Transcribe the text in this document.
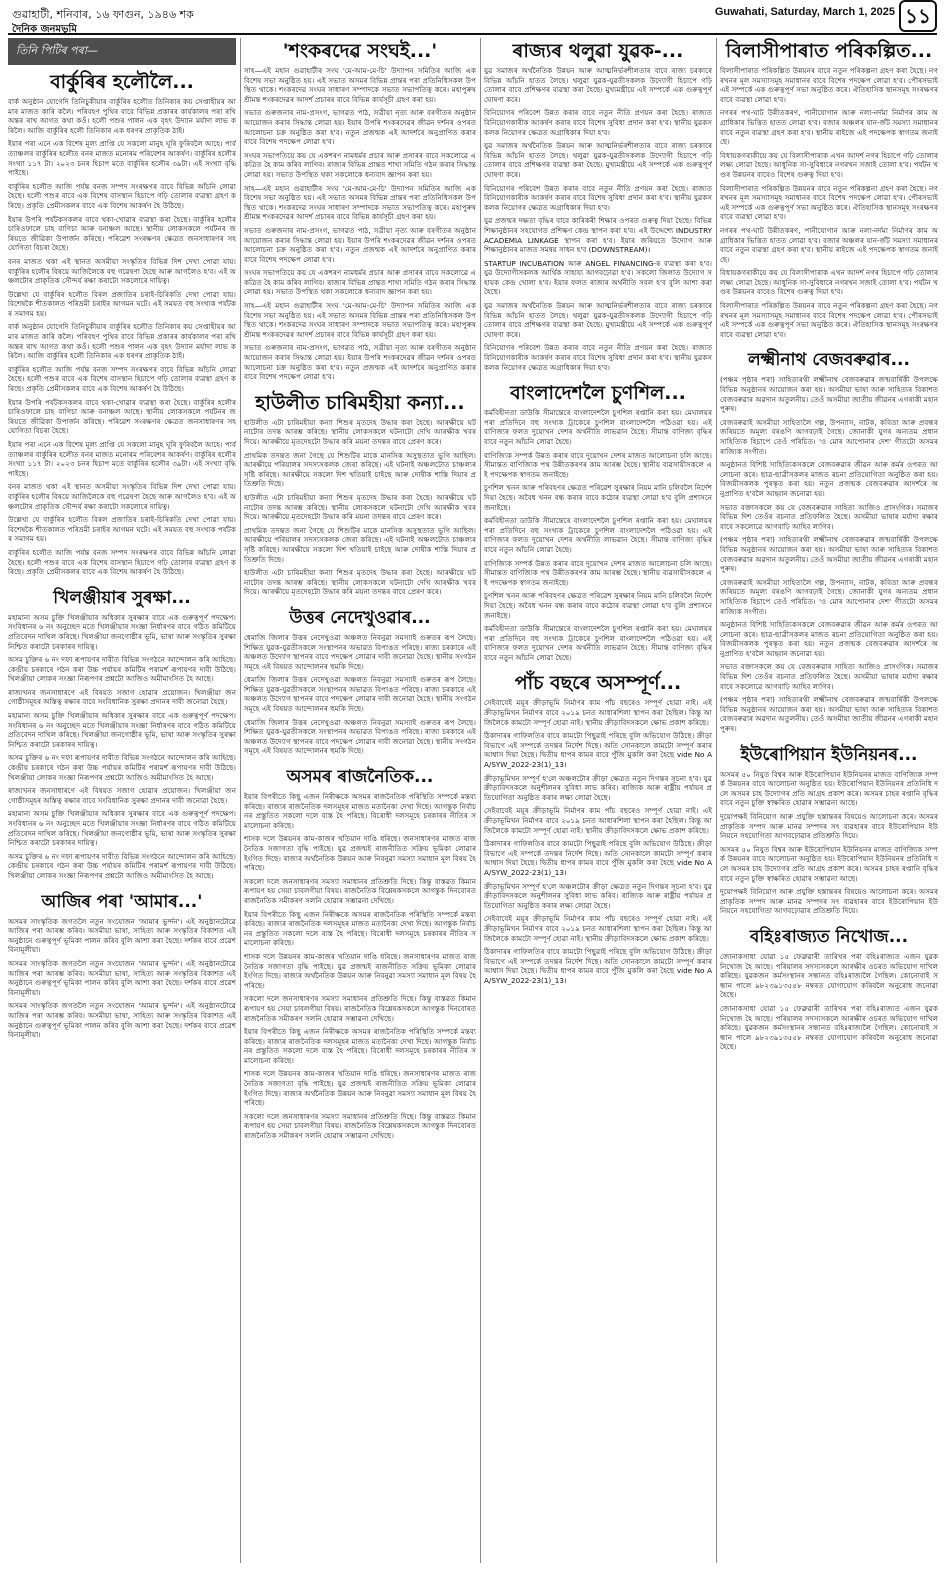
গুৱাহাটী, শনিবাৰ, ১৬ ফাগুন, ১৯৪৬ শক
দৈনিক জনমভূমি
Guwahati, Saturday, March 1, 2025 ১১
তিনি পিটিৰ পৰা—
বাৰ্কুৰিৰ হলৌলৈ...

বাৰ্ক অনুষ্ঠান যোগেদি তিনিচুকীয়াৰ বাৰ্কুৰিৰ হলৌত তিনিকাৰ কয় সেপ্তাহীয়ৰ আমাৰ মাজত কাৰি কলৈ। পৰিবহণ পুথিৰ বাবে বিভিন্ন প্ৰকাৰৰ কাৰ্যকালৰ পৰা ৰখি অন্তৰ ৰাখ আগত কথা কওঁ। হলৌ পশুৰ পালন এক বৃহৎ উদ্যান মৰ্যাদা লাভ কৰিলৈ। আজি বাৰ্কুৰিৰ হলৌ তিনিকাৰ এক ধৰণৰ প্ৰাকৃতিক ঠাই।

ইয়াৰ পৰা এনে এক বিশেষ মূল্য প্ৰাপ্তি যে সকলো মানুহ ঘূৰি ফুৰিবলৈ আহে। পাৰ্বত্যাঞ্চলৰ বাৰ্কুৰিৰ হলৌত বনৰ মাজত মনোৰম পৰিবেশৰ আকৰ্ষণ। বাৰ্কুৰিৰ হলৌৰ সংখ্যা ১১৭ টা। ২০২৩ চনৰ হিচাপ মতে বাৰ্কুৰিৰ হলৌৰ ৩৯টা। এই সংখ্যা বৃদ্ধি পাইছে।

বাৰ্কুৰিৰ হলৌত আজি পৰ্যন্ত বনজ সম্পদ সংৰক্ষণৰ বাবে বিভিন্ন আঁচনি লোৱা হৈছে। হলৌ পশুৰ বাবে এক বিশেষ বাসস্থান হিচাপে গঢ়ি তোলাৰ ব্যৱস্থা গ্ৰহণ কৰিছে। প্ৰকৃতি প্ৰেমীসকলৰ বাবে এক বিশেষ আকৰ্ষণ হৈ উঠিছে।

ইয়াৰ উপৰি পৰ্যটকসকলৰ বাবে থকা-খোৱাৰ ব্যৱস্থা কৰা হৈছে। বাৰ্কুৰিৰ হলৌৰ চাৰিওফালে চাহ বাগিচা আৰু বনাঞ্চল আছে। স্থানীয় লোকসকলে পৰ্যটনৰ জৰিয়তে জীৱিকা উপাৰ্জন কৰিছে। পৰিৱেশ সংৰক্ষণৰ ক্ষেত্ৰত জনসাধাৰণৰ সহযোগিতা বিচৰা হৈছে।

বনৰ মাজত থকা এই স্থানত অসমীয়া সংস্কৃতিৰ বিভিন্ন দিশ দেখা পোৱা যায়। বাৰ্কুৰিৰ হলৌৰ বিষয়ে আজিলৈকে বহু গৱেষণা হৈছে আৰু আগলৈও হ'ব। এই অঞ্চলটোৰ প্ৰাকৃতিক সৌন্দৰ্য ৰক্ষা কৰাটো সকলোৰে দায়িত্ব।

উল্লেখ্য যে বাৰ্কুৰিৰ হলৌত বিৰল প্ৰজাতিৰ চৰাই-চিৰিকতি দেখা পোৱা যায়। বিশেষকৈ শীতকালত পৰিভ্ৰমী চৰাইৰ আগমন ঘটে। এই সময়ত বহু সংখ্যক পৰ্যটকৰ সমাগম হয়।

বাৰ্ক অনুষ্ঠান যোগেদি তিনিচুকীয়াৰ বাৰ্কুৰিৰ হলৌত তিনিকাৰ কয় সেপ্তাহীয়ৰ আমাৰ মাজত কাৰি কলৈ। পৰিবহণ পুথিৰ বাবে বিভিন্ন প্ৰকাৰৰ কাৰ্যকালৰ পৰা ৰখি অন্তৰ ৰাখ আগত কথা কওঁ। হলৌ পশুৰ পালন এক বৃহৎ উদ্যান মৰ্যাদা লাভ কৰিলৈ। আজি বাৰ্কুৰিৰ হলৌ তিনিকাৰ এক ধৰণৰ প্ৰাকৃতিক ঠাই।

বাৰ্কুৰিৰ হলৌত আজি পৰ্যন্ত বনজ সম্পদ সংৰক্ষণৰ বাবে বিভিন্ন আঁচনি লোৱা হৈছে। হলৌ পশুৰ বাবে এক বিশেষ বাসস্থান হিচাপে গঢ়ি তোলাৰ ব্যৱস্থা গ্ৰহণ কৰিছে। প্ৰকৃতি প্ৰেমীসকলৰ বাবে এক বিশেষ আকৰ্ষণ হৈ উঠিছে।

ইয়াৰ উপৰি পৰ্যটকসকলৰ বাবে থকা-খোৱাৰ ব্যৱস্থা কৰা হৈছে। বাৰ্কুৰিৰ হলৌৰ চাৰিওফালে চাহ বাগিচা আৰু বনাঞ্চল আছে। স্থানীয় লোকসকলে পৰ্যটনৰ জৰিয়তে জীৱিকা উপাৰ্জন কৰিছে। পৰিৱেশ সংৰক্ষণৰ ক্ষেত্ৰত জনসাধাৰণৰ সহযোগিতা বিচৰা হৈছে।

ইয়াৰ পৰা এনে এক বিশেষ মূল্য প্ৰাপ্তি যে সকলো মানুহ ঘূৰি ফুৰিবলৈ আহে। পাৰ্বত্যাঞ্চলৰ বাৰ্কুৰিৰ হলৌত বনৰ মাজত মনোৰম পৰিবেশৰ আকৰ্ষণ। বাৰ্কুৰিৰ হলৌৰ সংখ্যা ১১৭ টা। ২০২৩ চনৰ হিচাপ মতে বাৰ্কুৰিৰ হলৌৰ ৩৯টা। এই সংখ্যা বৃদ্ধি পাইছে।

বনৰ মাজত থকা এই স্থানত অসমীয়া সংস্কৃতিৰ বিভিন্ন দিশ দেখা পোৱা যায়। বাৰ্কুৰিৰ হলৌৰ বিষয়ে আজিলৈকে বহু গৱেষণা হৈছে আৰু আগলৈও হ'ব। এই অঞ্চলটোৰ প্ৰাকৃতিক সৌন্দৰ্য ৰক্ষা কৰাটো সকলোৰে দায়িত্ব।

উল্লেখ্য যে বাৰ্কুৰিৰ হলৌত বিৰল প্ৰজাতিৰ চৰাই-চিৰিকতি দেখা পোৱা যায়। বিশেষকৈ শীতকালত পৰিভ্ৰমী চৰাইৰ আগমন ঘটে। এই সময়ত বহু সংখ্যক পৰ্যটকৰ সমাগম হয়।

বাৰ্কুৰিৰ হলৌত আজি পৰ্যন্ত বনজ সম্পদ সংৰক্ষণৰ বাবে বিভিন্ন আঁচনি লোৱা হৈছে। হলৌ পশুৰ বাবে এক বিশেষ বাসস্থান হিচাপে গঢ়ি তোলাৰ ব্যৱস্থা গ্ৰহণ কৰিছে। প্ৰকৃতি প্ৰেমীসকলৰ বাবে এক বিশেষ আকৰ্ষণ হৈ উঠিছে।

খিলঞ্জীয়াৰ সুৰক্ষা...

মহামান্য অসম চুক্তি খিলঞ্জীয়াৰ অধিকাৰ সুৰক্ষাৰ বাবে এক গুৰুত্বপূৰ্ণ পদক্ষেপ। সংবিধানৰ ৬ নং অনুচ্ছেদ মতে খিলঞ্জীয়াৰ সংজ্ঞা নিৰ্ধাৰণৰ বাবে গঠিত কমিটিয়ে প্ৰতিবেদন দাখিল কৰিছে। খিলঞ্জীয়া জনগোষ্ঠীৰ ভূমি, ভাষা আৰু সংস্কৃতিৰ সুৰক্ষা নিশ্চিত কৰাটো চৰকাৰৰ দায়িত্ব।

অসম চুক্তিৰ ৬ নং দফা ৰূপায়ণৰ দাবীত বিভিন্ন সংগঠনে আন্দোলন কৰি আহিছে। কেন্দ্ৰীয় চৰকাৰে গঠন কৰা উচ্চ পৰ্যায়ৰ কমিটিৰ পৰামৰ্শ ৰূপায়ণৰ দাবী উঠিছে। খিলঞ্জীয়া লোকৰ সংজ্ঞা নিৰূপণৰ প্ৰশ্নটো আজিও অমীমাংসিত হৈ আছে।

ৰাজ্যখনৰ জনসাধাৰণে এই বিষয়ত সজাগ হোৱাৰ প্ৰয়োজন। খিলঞ্জীয়া জনগোষ্ঠীসমূহৰ অস্তিত্ব ৰক্ষাৰ বাবে সংবিধানিক সুৰক্ষা প্ৰদানৰ দাবী জনোৱা হৈছে।

মহামান্য অসম চুক্তি খিলঞ্জীয়াৰ অধিকাৰ সুৰক্ষাৰ বাবে এক গুৰুত্বপূৰ্ণ পদক্ষেপ। সংবিধানৰ ৬ নং অনুচ্ছেদ মতে খিলঞ্জীয়াৰ সংজ্ঞা নিৰ্ধাৰণৰ বাবে গঠিত কমিটিয়ে প্ৰতিবেদন দাখিল কৰিছে। খিলঞ্জীয়া জনগোষ্ঠীৰ ভূমি, ভাষা আৰু সংস্কৃতিৰ সুৰক্ষা নিশ্চিত কৰাটো চৰকাৰৰ দায়িত্ব।

অসম চুক্তিৰ ৬ নং দফা ৰূপায়ণৰ দাবীত বিভিন্ন সংগঠনে আন্দোলন কৰি আহিছে। কেন্দ্ৰীয় চৰকাৰে গঠন কৰা উচ্চ পৰ্যায়ৰ কমিটিৰ পৰামৰ্শ ৰূপায়ণৰ দাবী উঠিছে। খিলঞ্জীয়া লোকৰ সংজ্ঞা নিৰূপণৰ প্ৰশ্নটো আজিও অমীমাংসিত হৈ আছে।

ৰাজ্যখনৰ জনসাধাৰণে এই বিষয়ত সজাগ হোৱাৰ প্ৰয়োজন। খিলঞ্জীয়া জনগোষ্ঠীসমূহৰ অস্তিত্ব ৰক্ষাৰ বাবে সংবিধানিক সুৰক্ষা প্ৰদানৰ দাবী জনোৱা হৈছে।

মহামান্য অসম চুক্তি খিলঞ্জীয়াৰ অধিকাৰ সুৰক্ষাৰ বাবে এক গুৰুত্বপূৰ্ণ পদক্ষেপ। সংবিধানৰ ৬ নং অনুচ্ছেদ মতে খিলঞ্জীয়াৰ সংজ্ঞা নিৰ্ধাৰণৰ বাবে গঠিত কমিটিয়ে প্ৰতিবেদন দাখিল কৰিছে। খিলঞ্জীয়া জনগোষ্ঠীৰ ভূমি, ভাষা আৰু সংস্কৃতিৰ সুৰক্ষা নিশ্চিত কৰাটো চৰকাৰৰ দায়িত্ব।

অসম চুক্তিৰ ৬ নং দফা ৰূপায়ণৰ দাবীত বিভিন্ন সংগঠনে আন্দোলন কৰি আহিছে। কেন্দ্ৰীয় চৰকাৰে গঠন কৰা উচ্চ পৰ্যায়ৰ কমিটিৰ পৰামৰ্শ ৰূপায়ণৰ দাবী উঠিছে। খিলঞ্জীয়া লোকৰ সংজ্ঞা নিৰূপণৰ প্ৰশ্নটো আজিও অমীমাংসিত হৈ আছে।

আজিৰ পৰা 'আমাৰ...'

অসমৰ সাংস্কৃতিক জগতলৈ নতুন সংযোজন 'আমাৰ ভুৰ্ন্দন'। এই অনুষ্ঠানটোৱে আজিৰ পৰা আৰম্ভ কৰিব। অসমীয়া ভাষা, সাহিত্য আৰু সংস্কৃতিৰ বিকাশত এই অনুষ্ঠানে গুৰুত্বপূৰ্ণ ভূমিকা পালন কৰিব বুলি আশা কৰা হৈছে। দৰ্শকৰ বাবে প্ৰৱেশ বিনামূলীয়া।

অসমৰ সাংস্কৃতিক জগতলৈ নতুন সংযোজন 'আমাৰ ভুৰ্ন্দন'। এই অনুষ্ঠানটোৱে আজিৰ পৰা আৰম্ভ কৰিব। অসমীয়া ভাষা, সাহিত্য আৰু সংস্কৃতিৰ বিকাশত এই অনুষ্ঠানে গুৰুত্বপূৰ্ণ ভূমিকা পালন কৰিব বুলি আশা কৰা হৈছে। দৰ্শকৰ বাবে প্ৰৱেশ বিনামূলীয়া।

অসমৰ সাংস্কৃতিক জগতলৈ নতুন সংযোজন 'আমাৰ ভুৰ্ন্দন'। এই অনুষ্ঠানটোৱে আজিৰ পৰা আৰম্ভ কৰিব। অসমীয়া ভাষা, সাহিত্য আৰু সংস্কৃতিৰ বিকাশত এই অনুষ্ঠানে গুৰুত্বপূৰ্ণ ভূমিকা পালন কৰিব বুলি আশা কৰা হৈছে। দৰ্শকৰ বাবে প্ৰৱেশ বিনামূলীয়া।

'শংকৰদেৱ সংঘই...'

সাহ—এই মহান গুৱাহাটীৰ সংঘ 'মে-আম-মে-চি' উদ্যাপন সমিতিৰ আজি এক বিশেষ সভা অনুষ্ঠিত হয়। এই সভাত অসমৰ বিভিন্ন প্ৰান্তৰ পৰা প্ৰতিনিধিসকল উপস্থিত থাকে। শংকৰদেৱ সংঘৰ সাধাৰণ সম্পাদকে সভাত সভাপতিত্ব কৰে। মহাপুৰুষ শ্ৰীমন্ত শংকৰদেৱৰ আদৰ্শ প্ৰচাৰৰ বাবে বিভিন্ন কাৰ্যসূচী গ্ৰহণ কৰা হয়।

সভাত গুৰুজনাৰ নাম-প্ৰসংগ, ভাগৱত পাঠ, সত্ৰীয়া নৃত্য আৰু বৰগীতৰ অনুষ্ঠান আয়োজন কৰাৰ সিদ্ধান্ত লোৱা হয়। ইয়াৰ উপৰি শংকৰদেৱৰ জীৱন দৰ্শনৰ ওপৰত আলোচনা চক্ৰ অনুষ্ঠিত কৰা হ'ব। নতুন প্ৰজন্মক এই আদৰ্শৰে অনুপ্ৰাণিত কৰাৰ বাবে বিশেষ পদক্ষেপ লোৱা হ'ব।

সংঘৰ সভাপতিয়ে কয় যে একশৰণ নামধৰ্মৰ প্ৰচাৰ আৰু প্ৰসাৰৰ বাবে সকলোৱে একত্ৰিত হৈ কাম কৰিব লাগিব। ৰাজ্যৰ বিভিন্ন প্ৰান্তত শাখা সমিতি গঠন কৰাৰ সিদ্ধান্ত লোৱা হয়। সভাত উপস্থিত থকা সকলোকে ধন্যবাদ জ্ঞাপন কৰা হয়।

সাহ—এই মহান গুৱাহাটীৰ সংঘ 'মে-আম-মে-চি' উদ্যাপন সমিতিৰ আজি এক বিশেষ সভা অনুষ্ঠিত হয়। এই সভাত অসমৰ বিভিন্ন প্ৰান্তৰ পৰা প্ৰতিনিধিসকল উপস্থিত থাকে। শংকৰদেৱ সংঘৰ সাধাৰণ সম্পাদকে সভাত সভাপতিত্ব কৰে। মহাপুৰুষ শ্ৰীমন্ত শংকৰদেৱৰ আদৰ্শ প্ৰচাৰৰ বাবে বিভিন্ন কাৰ্যসূচী গ্ৰহণ কৰা হয়।

সভাত গুৰুজনাৰ নাম-প্ৰসংগ, ভাগৱত পাঠ, সত্ৰীয়া নৃত্য আৰু বৰগীতৰ অনুষ্ঠান আয়োজন কৰাৰ সিদ্ধান্ত লোৱা হয়। ইয়াৰ উপৰি শংকৰদেৱৰ জীৱন দৰ্শনৰ ওপৰত আলোচনা চক্ৰ অনুষ্ঠিত কৰা হ'ব। নতুন প্ৰজন্মক এই আদৰ্শৰে অনুপ্ৰাণিত কৰাৰ বাবে বিশেষ পদক্ষেপ লোৱা হ'ব।

সংঘৰ সভাপতিয়ে কয় যে একশৰণ নামধৰ্মৰ প্ৰচাৰ আৰু প্ৰসাৰৰ বাবে সকলোৱে একত্ৰিত হৈ কাম কৰিব লাগিব। ৰাজ্যৰ বিভিন্ন প্ৰান্তত শাখা সমিতি গঠন কৰাৰ সিদ্ধান্ত লোৱা হয়। সভাত উপস্থিত থকা সকলোকে ধন্যবাদ জ্ঞাপন কৰা হয়।

সাহ—এই মহান গুৱাহাটীৰ সংঘ 'মে-আম-মে-চি' উদ্যাপন সমিতিৰ আজি এক বিশেষ সভা অনুষ্ঠিত হয়। এই সভাত অসমৰ বিভিন্ন প্ৰান্তৰ পৰা প্ৰতিনিধিসকল উপস্থিত থাকে। শংকৰদেৱ সংঘৰ সাধাৰণ সম্পাদকে সভাত সভাপতিত্ব কৰে। মহাপুৰুষ শ্ৰীমন্ত শংকৰদেৱৰ আদৰ্শ প্ৰচাৰৰ বাবে বিভিন্ন কাৰ্যসূচী গ্ৰহণ কৰা হয়।

সভাত গুৰুজনাৰ নাম-প্ৰসংগ, ভাগৱত পাঠ, সত্ৰীয়া নৃত্য আৰু বৰগীতৰ অনুষ্ঠান আয়োজন কৰাৰ সিদ্ধান্ত লোৱা হয়। ইয়াৰ উপৰি শংকৰদেৱৰ জীৱন দৰ্শনৰ ওপৰত আলোচনা চক্ৰ অনুষ্ঠিত কৰা হ'ব। নতুন প্ৰজন্মক এই আদৰ্শৰে অনুপ্ৰাণিত কৰাৰ বাবে বিশেষ পদক্ষেপ লোৱা হ'ব।

হাউলীত চাৰিমহীয়া কন্যা...

হাউলীত এটা চাৰিমহীয়া কন্যা শিশুৰ মৃতদেহ উদ্ধাৰ কৰা হৈছে। আৰক্ষীয়ে ঘটনাটোৰ তদন্ত আৰম্ভ কৰিছে। স্থানীয় লোকসকলে ঘটনাটো দেখি আৰক্ষীক খবৰ দিয়ে। আৰক্ষীয়ে মৃতদেহটো উদ্ধাৰ কৰি ময়না তদন্তৰ বাবে প্ৰেৰণ কৰে।

প্ৰাথমিক তদন্তত জনা গৈছে যে শিশুটিৰ মাকে মানসিক অসুস্থতাত ভুগি আছিল। আৰক্ষীয়ে পৰিয়ালৰ সদস্যসকলক জেৰা কৰিছে। এই ঘটনাই অঞ্চলটোত চাঞ্চল্যৰ সৃষ্টি কৰিছে। আৰক্ষীয়ে সকলো দিশ খতিয়াই চাইছে আৰু দোষীক শাস্তি দিয়াৰ প্ৰতিশ্ৰুতি দিছে।

হাউলীত এটা চাৰিমহীয়া কন্যা শিশুৰ মৃতদেহ উদ্ধাৰ কৰা হৈছে। আৰক্ষীয়ে ঘটনাটোৰ তদন্ত আৰম্ভ কৰিছে। স্থানীয় লোকসকলে ঘটনাটো দেখি আৰক্ষীক খবৰ দিয়ে। আৰক্ষীয়ে মৃতদেহটো উদ্ধাৰ কৰি ময়না তদন্তৰ বাবে প্ৰেৰণ কৰে।

প্ৰাথমিক তদন্তত জনা গৈছে যে শিশুটিৰ মাকে মানসিক অসুস্থতাত ভুগি আছিল। আৰক্ষীয়ে পৰিয়ালৰ সদস্যসকলক জেৰা কৰিছে। এই ঘটনাই অঞ্চলটোত চাঞ্চল্যৰ সৃষ্টি কৰিছে। আৰক্ষীয়ে সকলো দিশ খতিয়াই চাইছে আৰু দোষীক শাস্তি দিয়াৰ প্ৰতিশ্ৰুতি দিছে।

হাউলীত এটা চাৰিমহীয়া কন্যা শিশুৰ মৃতদেহ উদ্ধাৰ কৰা হৈছে। আৰক্ষীয়ে ঘটনাটোৰ তদন্ত আৰম্ভ কৰিছে। স্থানীয় লোকসকলে ঘটনাটো দেখি আৰক্ষীক খবৰ দিয়ে। আৰক্ষীয়ে মৃতদেহটো উদ্ধাৰ কৰি ময়না তদন্তৰ বাবে প্ৰেৰণ কৰে।

উত্তৰ নেদেখুওৱাৰ...

ধেমাজি জিলাৰ উত্তৰ নেদেখুওৱা অঞ্চলত নিবনুৱা সমস্যাই গুৰুতৰ ৰূপ লৈছে। শিক্ষিত যুৱক-যুৱতীসকলে সংস্থাপনৰ অভাৱত বিপাঙত পৰিছে। ৰাজ্য চৰকাৰে এই অঞ্চলত উদ্যোগ স্থাপনৰ বাবে পদক্ষেপ লোৱাৰ দাবী জনোৱা হৈছে। স্থানীয় সংগঠনসমূহে এই বিষয়ত আন্দোলনৰ হুমকি দিছে।

ধেমাজি জিলাৰ উত্তৰ নেদেখুওৱা অঞ্চলত নিবনুৱা সমস্যাই গুৰুতৰ ৰূপ লৈছে। শিক্ষিত যুৱক-যুৱতীসকলে সংস্থাপনৰ অভাৱত বিপাঙত পৰিছে। ৰাজ্য চৰকাৰে এই অঞ্চলত উদ্যোগ স্থাপনৰ বাবে পদক্ষেপ লোৱাৰ দাবী জনোৱা হৈছে। স্থানীয় সংগঠনসমূহে এই বিষয়ত আন্দোলনৰ হুমকি দিছে।

ধেমাজি জিলাৰ উত্তৰ নেদেখুওৱা অঞ্চলত নিবনুৱা সমস্যাই গুৰুতৰ ৰূপ লৈছে। শিক্ষিত যুৱক-যুৱতীসকলে সংস্থাপনৰ অভাৱত বিপাঙত পৰিছে। ৰাজ্য চৰকাৰে এই অঞ্চলত উদ্যোগ স্থাপনৰ বাবে পদক্ষেপ লোৱাৰ দাবী জনোৱা হৈছে। স্থানীয় সংগঠনসমূহে এই বিষয়ত আন্দোলনৰ হুমকি দিছে।

অসমৰ ৰাজনৈতিক...

ইয়াৰ বিপৰীতে কিছু এজন নিৰীক্ষকে অসমৰ ৰাজনৈতিক পৰিস্থিতি সম্পৰ্কে মন্তব্য কৰিছে। ৰাজ্যৰ ৰাজনৈতিক দলসমূহৰ মাজত মতানৈক্য দেখা দিছে। আগন্তুক নিৰ্বাচনৰ প্ৰস্তুতিত সকলো দলে ব্যস্ত হৈ পৰিছে। বিৰোধী দলসমূহে চৰকাৰৰ নীতিৰ সমালোচনা কৰিছে।

শাসক দলে উন্নয়নৰ কাম-কাজৰ খতিয়ান দাঙি ধৰিছে। জনসাধাৰণৰ মাজত ৰাজনৈতিক সজাগতা বৃদ্ধি পাইছে। যুৱ প্ৰজন্মই ৰাজনীতিত সক্ৰিয় ভূমিকা লোৱাৰ ইংগিত দিছে। ৰাজ্যৰ অৰ্থনৈতিক উন্নয়ন আৰু নিবনুৱা সমস্যা সমাধান মূল বিষয় হৈ পৰিছে।

সকলো দলে জনসাধাৰণৰ সমস্যা সমাধানৰ প্ৰতিশ্ৰুতি দিছে। কিন্তু বাস্তৱত কিমান ৰূপায়ণ হয় সেয়া চাবলগীয়া বিষয়। ৰাজনৈতিক বিশ্লেষকসকলে আগন্তুক দিনবোৰত ৰাজনৈতিক সমীকৰণ সলনি হোৱাৰ সম্ভাৱনা দেখিছে।

ইয়াৰ বিপৰীতে কিছু এজন নিৰীক্ষকে অসমৰ ৰাজনৈতিক পৰিস্থিতি সম্পৰ্কে মন্তব্য কৰিছে। ৰাজ্যৰ ৰাজনৈতিক দলসমূহৰ মাজত মতানৈক্য দেখা দিছে। আগন্তুক নিৰ্বাচনৰ প্ৰস্তুতিত সকলো দলে ব্যস্ত হৈ পৰিছে। বিৰোধী দলসমূহে চৰকাৰৰ নীতিৰ সমালোচনা কৰিছে।

শাসক দলে উন্নয়নৰ কাম-কাজৰ খতিয়ান দাঙি ধৰিছে। জনসাধাৰণৰ মাজত ৰাজনৈতিক সজাগতা বৃদ্ধি পাইছে। যুৱ প্ৰজন্মই ৰাজনীতিত সক্ৰিয় ভূমিকা লোৱাৰ ইংগিত দিছে। ৰাজ্যৰ অৰ্থনৈতিক উন্নয়ন আৰু নিবনুৱা সমস্যা সমাধান মূল বিষয় হৈ পৰিছে।

সকলো দলে জনসাধাৰণৰ সমস্যা সমাধানৰ প্ৰতিশ্ৰুতি দিছে। কিন্তু বাস্তৱত কিমান ৰূপায়ণ হয় সেয়া চাবলগীয়া বিষয়। ৰাজনৈতিক বিশ্লেষকসকলে আগন্তুক দিনবোৰত ৰাজনৈতিক সমীকৰণ সলনি হোৱাৰ সম্ভাৱনা দেখিছে।

ইয়াৰ বিপৰীতে কিছু এজন নিৰীক্ষকে অসমৰ ৰাজনৈতিক পৰিস্থিতি সম্পৰ্কে মন্তব্য কৰিছে। ৰাজ্যৰ ৰাজনৈতিক দলসমূহৰ মাজত মতানৈক্য দেখা দিছে। আগন্তুক নিৰ্বাচনৰ প্ৰস্তুতিত সকলো দলে ব্যস্ত হৈ পৰিছে। বিৰোধী দলসমূহে চৰকাৰৰ নীতিৰ সমালোচনা কৰিছে।

শাসক দলে উন্নয়নৰ কাম-কাজৰ খতিয়ান দাঙি ধৰিছে। জনসাধাৰণৰ মাজত ৰাজনৈতিক সজাগতা বৃদ্ধি পাইছে। যুৱ প্ৰজন্মই ৰাজনীতিত সক্ৰিয় ভূমিকা লোৱাৰ ইংগিত দিছে। ৰাজ্যৰ অৰ্থনৈতিক উন্নয়ন আৰু নিবনুৱা সমস্যা সমাধান মূল বিষয় হৈ পৰিছে।

সকলো দলে জনসাধাৰণৰ সমস্যা সমাধানৰ প্ৰতিশ্ৰুতি দিছে। কিন্তু বাস্তৱত কিমান ৰূপায়ণ হয় সেয়া চাবলগীয়া বিষয়। ৰাজনৈতিক বিশ্লেষকসকলে আগন্তুক দিনবোৰত ৰাজনৈতিক সমীকৰণ সলনি হোৱাৰ সম্ভাৱনা দেখিছে।

ৰাজ্যৰ থলুৱা যুৱক-...

যুৱ সমাজৰ অৰ্থনৈতিক উন্নয়ন আৰু আত্মনিৰ্ভৰশীলতাৰ বাবে ৰাজ্য চৰকাৰে বিভিন্ন আঁচনি হাতত লৈছে। থলুৱা যুৱক-যুৱতীসকলক উদ্যোগী হিচাপে গঢ়ি তোলাৰ বাবে প্ৰশিক্ষণৰ ব্যৱস্থা কৰা হৈছে। মুখ্যমন্ত্ৰীয়ে এই সম্পৰ্কে এক গুৰুত্বপূৰ্ণ ঘোষণা কৰে।

বিনিয়োগৰ পৰিবেশ উন্নত কৰাৰ বাবে নতুন নীতি প্ৰণয়ন কৰা হৈছে। ৰাজ্যত বিনিয়োগকাৰীক আকৰ্ষণ কৰাৰ বাবে বিশেষ সুবিধা প্ৰদান কৰা হ'ব। স্থানীয় যুৱকসকলক নিয়োগৰ ক্ষেত্ৰত অগ্ৰাধিকাৰ দিয়া হ'ব।

যুৱ সমাজৰ অৰ্থনৈতিক উন্নয়ন আৰু আত্মনিৰ্ভৰশীলতাৰ বাবে ৰাজ্য চৰকাৰে বিভিন্ন আঁচনি হাতত লৈছে। থলুৱা যুৱক-যুৱতীসকলক উদ্যোগী হিচাপে গঢ়ি তোলাৰ বাবে প্ৰশিক্ষণৰ ব্যৱস্থা কৰা হৈছে। মুখ্যমন্ত্ৰীয়ে এই সম্পৰ্কে এক গুৰুত্বপূৰ্ণ ঘোষণা কৰে।

বিনিয়োগৰ পৰিবেশ উন্নত কৰাৰ বাবে নতুন নীতি প্ৰণয়ন কৰা হৈছে। ৰাজ্যত বিনিয়োগকাৰীক আকৰ্ষণ কৰাৰ বাবে বিশেষ সুবিধা প্ৰদান কৰা হ'ব। স্থানীয় যুৱকসকলক নিয়োগৰ ক্ষেত্ৰত অগ্ৰাধিকাৰ দিয়া হ'ব।

যুৱ প্ৰজন্মৰ দক্ষতা বৃদ্ধিৰ বাবে কাৰিকৰী শিক্ষাৰ ওপৰত গুৰুত্ব দিয়া হৈছে। বিভিন্ন শিক্ষানুষ্ঠানৰ সহযোগত প্ৰশিক্ষণ কেন্দ্ৰ স্থাপন কৰা হ'ব। এই উদ্দেশ্যে INDUSTRY ACADEMIA LINKAGE স্থাপন কৰা হ'ব। ইয়াৰ জৰিয়তে উদ্যোগ আৰু শিক্ষানুষ্ঠানৰ মাজত সমন্বয় সাধন হ'ব (DOWNSTREAM)।

STARTUP INCUBATION আৰু ANGEL FINANCING-ৰ ব্যৱস্থা কৰা হ'ব। যুৱ উদ্যোগীসকলক আৰ্থিক সাহায্য আগবঢ়োৱা হ'ব। সকলো জিলাত উদ্যোগ সহায়ক কেন্দ্ৰ খোলা হ'ব। ইয়াৰ ফলত ৰাজ্যৰ অৰ্থনীতি সবল হ'ব বুলি আশা কৰা হৈছে।

যুৱ সমাজৰ অৰ্থনৈতিক উন্নয়ন আৰু আত্মনিৰ্ভৰশীলতাৰ বাবে ৰাজ্য চৰকাৰে বিভিন্ন আঁচনি হাতত লৈছে। থলুৱা যুৱক-যুৱতীসকলক উদ্যোগী হিচাপে গঢ়ি তোলাৰ বাবে প্ৰশিক্ষণৰ ব্যৱস্থা কৰা হৈছে। মুখ্যমন্ত্ৰীয়ে এই সম্পৰ্কে এক গুৰুত্বপূৰ্ণ ঘোষণা কৰে।

বিনিয়োগৰ পৰিবেশ উন্নত কৰাৰ বাবে নতুন নীতি প্ৰণয়ন কৰা হৈছে। ৰাজ্যত বিনিয়োগকাৰীক আকৰ্ষণ কৰাৰ বাবে বিশেষ সুবিধা প্ৰদান কৰা হ'ব। স্থানীয় যুৱকসকলক নিয়োগৰ ক্ষেত্ৰত অগ্ৰাধিকাৰ দিয়া হ'ব।

বাংলাদেশলৈ চুণশিল...

কৰ্মবিহীনতা ডাউকি সীমান্তেৰে বাংলাদেশলৈ চুণশিল ৰপ্তানি কৰা হয়। মেঘালয়ৰ পৰা প্ৰতিদিনে বহু সংখ্যক ট্ৰাকেৰে চুণশিল বাংলাদেশলৈ পঠিওৱা হয়। এই বাণিজ্যৰ ফলত দুয়োখন দেশৰ অৰ্থনীতি লাভৱান হৈছে। সীমান্ত বাণিজ্য বৃদ্ধিৰ বাবে নতুন আঁচনি লোৱা হৈছে।

বাণিজ্যিক সম্পৰ্ক উন্নত কৰাৰ বাবে দুয়োখন দেশৰ মাজত আলোচনা চলি আছে। সীমান্তত বাণিজ্যিক পথ উন্নীতকৰণৰ কাম আৰম্ভ হৈছে। স্থানীয় ব্যৱসায়ীসকলে এই পদক্ষেপক স্বাগতম জনাইছে।

চুণশিল খনন আৰু পৰিবহণৰ ক্ষেত্ৰত পৰিৱেশ সুৰক্ষাৰ নিয়ম মানি চলিবলৈ নিৰ্দেশ দিয়া হৈছে। অবৈধ খনন বন্ধ কৰাৰ বাবে কঠোৰ ব্যৱস্থা লোৱা হ'ব বুলি প্ৰশাসনে জনাইছে।

কৰ্মবিহীনতা ডাউকি সীমান্তেৰে বাংলাদেশলৈ চুণশিল ৰপ্তানি কৰা হয়। মেঘালয়ৰ পৰা প্ৰতিদিনে বহু সংখ্যক ট্ৰাকেৰে চুণশিল বাংলাদেশলৈ পঠিওৱা হয়। এই বাণিজ্যৰ ফলত দুয়োখন দেশৰ অৰ্থনীতি লাভৱান হৈছে। সীমান্ত বাণিজ্য বৃদ্ধিৰ বাবে নতুন আঁচনি লোৱা হৈছে।

বাণিজ্যিক সম্পৰ্ক উন্নত কৰাৰ বাবে দুয়োখন দেশৰ মাজত আলোচনা চলি আছে। সীমান্তত বাণিজ্যিক পথ উন্নীতকৰণৰ কাম আৰম্ভ হৈছে। স্থানীয় ব্যৱসায়ীসকলে এই পদক্ষেপক স্বাগতম জনাইছে।

চুণশিল খনন আৰু পৰিবহণৰ ক্ষেত্ৰত পৰিৱেশ সুৰক্ষাৰ নিয়ম মানি চলিবলৈ নিৰ্দেশ দিয়া হৈছে। অবৈধ খনন বন্ধ কৰাৰ বাবে কঠোৰ ব্যৱস্থা লোৱা হ'ব বুলি প্ৰশাসনে জনাইছে।

কৰ্মবিহীনতা ডাউকি সীমান্তেৰে বাংলাদেশলৈ চুণশিল ৰপ্তানি কৰা হয়। মেঘালয়ৰ পৰা প্ৰতিদিনে বহু সংখ্যক ট্ৰাকেৰে চুণশিল বাংলাদেশলৈ পঠিওৱা হয়। এই বাণিজ্যৰ ফলত দুয়োখন দেশৰ অৰ্থনীতি লাভৱান হৈছে। সীমান্ত বাণিজ্য বৃদ্ধিৰ বাবে নতুন আঁচনি লোৱা হৈছে।

পাঁচ বছৰে অসম্পূৰ্ণ...

সেইবাবেই ময়ূৰ ক্ৰীড়াভূমি নিৰ্মাণৰ কাম পাঁচ বছৰেও সম্পূৰ্ণ হোৱা নাই। এই ক্ৰীড়াভূমিখন নিৰ্মাণৰ বাবে ২০১৯ চনত আধাৰশিলা স্থাপন কৰা হৈছিল। কিন্তু আজিলৈকে কামটো সম্পূৰ্ণ হোৱা নাই। স্থানীয় ক্ৰীড়াবিদসকলে ক্ষোভ প্ৰকাশ কৰিছে।

ঠিকাদাৰৰ গাফিলতিৰ বাবে কামটো পিছুৱাই পৰিছে বুলি অভিযোগ উঠিছে। ক্ৰীড়া বিভাগে এই সম্পৰ্কে তদন্তৰ নিৰ্দেশ দিছে। অতি সোনকালে কামটো সম্পূৰ্ণ কৰাৰ আশ্বাস দিয়া হৈছে। দ্বিতীয় ধাপৰ কামৰ বাবে পুঁজি মুকলি কৰা হৈছে vide No AA/SYW_2022-23(1)_13।

ক্ৰীড়াভূমিখন সম্পূৰ্ণ হ'লে অঞ্চলটোৰ ক্ৰীড়া ক্ষেত্ৰত নতুন দিগন্তৰ সূচনা হ'ব। যুৱ ক্ৰীড়াবিদসকলে অনুশীলনৰ সুবিধা লাভ কৰিব। ৰাজ্যিক আৰু ৰাষ্ট্ৰীয় পৰ্যায়ৰ প্ৰতিযোগিতা অনুষ্ঠিত কৰাৰ লক্ষ্য লোৱা হৈছে।

সেইবাবেই ময়ূৰ ক্ৰীড়াভূমি নিৰ্মাণৰ কাম পাঁচ বছৰেও সম্পূৰ্ণ হোৱা নাই। এই ক্ৰীড়াভূমিখন নিৰ্মাণৰ বাবে ২০১৯ চনত আধাৰশিলা স্থাপন কৰা হৈছিল। কিন্তু আজিলৈকে কামটো সম্পূৰ্ণ হোৱা নাই। স্থানীয় ক্ৰীড়াবিদসকলে ক্ষোভ প্ৰকাশ কৰিছে।

ঠিকাদাৰৰ গাফিলতিৰ বাবে কামটো পিছুৱাই পৰিছে বুলি অভিযোগ উঠিছে। ক্ৰীড়া বিভাগে এই সম্পৰ্কে তদন্তৰ নিৰ্দেশ দিছে। অতি সোনকালে কামটো সম্পূৰ্ণ কৰাৰ আশ্বাস দিয়া হৈছে। দ্বিতীয় ধাপৰ কামৰ বাবে পুঁজি মুকলি কৰা হৈছে vide No AA/SYW_2022-23(1)_13।

ক্ৰীড়াভূমিখন সম্পূৰ্ণ হ'লে অঞ্চলটোৰ ক্ৰীড়া ক্ষেত্ৰত নতুন দিগন্তৰ সূচনা হ'ব। যুৱ ক্ৰীড়াবিদসকলে অনুশীলনৰ সুবিধা লাভ কৰিব। ৰাজ্যিক আৰু ৰাষ্ট্ৰীয় পৰ্যায়ৰ প্ৰতিযোগিতা অনুষ্ঠিত কৰাৰ লক্ষ্য লোৱা হৈছে।

সেইবাবেই ময়ূৰ ক্ৰীড়াভূমি নিৰ্মাণৰ কাম পাঁচ বছৰেও সম্পূৰ্ণ হোৱা নাই। এই ক্ৰীড়াভূমিখন নিৰ্মাণৰ বাবে ২০১৯ চনত আধাৰশিলা স্থাপন কৰা হৈছিল। কিন্তু আজিলৈকে কামটো সম্পূৰ্ণ হোৱা নাই। স্থানীয় ক্ৰীড়াবিদসকলে ক্ষোভ প্ৰকাশ কৰিছে।

ঠিকাদাৰৰ গাফিলতিৰ বাবে কামটো পিছুৱাই পৰিছে বুলি অভিযোগ উঠিছে। ক্ৰীড়া বিভাগে এই সম্পৰ্কে তদন্তৰ নিৰ্দেশ দিছে। অতি সোনকালে কামটো সম্পূৰ্ণ কৰাৰ আশ্বাস দিয়া হৈছে। দ্বিতীয় ধাপৰ কামৰ বাবে পুঁজি মুকলি কৰা হৈছে vide No AA/SYW_2022-23(1)_13।

বিলাসীপাৰাত পৰিকল্পিত...

বিলাসীপাৰাত পৰিকল্পিত উন্নয়নৰ বাবে নতুন পৰিকল্পনা গ্ৰহণ কৰা হৈছে। নগৰখনৰ মূল সমস্যাসমূহ সমাধানৰ বাবে বিশেষ পদক্ষেপ লোৱা হ'ব। পৌৰসভাই এই সম্পৰ্কে এক গুৰুত্বপূৰ্ণ সভা অনুষ্ঠিত কৰে। ঐতিহাসিক স্থানসমূহ সংৰক্ষণৰ বাবে ব্যৱস্থা লোৱা হ'ব।

নগৰৰ পথ-ঘাট উন্নীতকৰণ, পানীযোগান আৰু নলা-নৰ্দমা নিৰ্মাণৰ কাম অগ্ৰাধিকাৰ ভিত্তিত হাতত লোৱা হ'ব। বজাৰ অঞ্চলৰ যান-জঁট সমস্যা সমাধানৰ বাবে নতুন ব্যৱস্থা গ্ৰহণ কৰা হ'ব। স্থানীয় ৰাইজে এই পদক্ষেপক স্বাগতম জনাইছে।

বিধায়কগৰাকীয়ে কয় যে বিলাসীপাৰাক এখন আদৰ্শ নগৰ হিচাপে গঢ়ি তোলাৰ লক্ষ্য লোৱা হৈছে। আধুনিক সা-সুবিধাৰে নগৰখন সজাই তোলা হ'ব। পৰ্যটন খণ্ডৰ উন্নয়নৰ বাবেও বিশেষ গুৰুত্ব দিয়া হ'ব।

বিলাসীপাৰাত পৰিকল্পিত উন্নয়নৰ বাবে নতুন পৰিকল্পনা গ্ৰহণ কৰা হৈছে। নগৰখনৰ মূল সমস্যাসমূহ সমাধানৰ বাবে বিশেষ পদক্ষেপ লোৱা হ'ব। পৌৰসভাই এই সম্পৰ্কে এক গুৰুত্বপূৰ্ণ সভা অনুষ্ঠিত কৰে। ঐতিহাসিক স্থানসমূহ সংৰক্ষণৰ বাবে ব্যৱস্থা লোৱা হ'ব।

নগৰৰ পথ-ঘাট উন্নীতকৰণ, পানীযোগান আৰু নলা-নৰ্দমা নিৰ্মাণৰ কাম অগ্ৰাধিকাৰ ভিত্তিত হাতত লোৱা হ'ব। বজাৰ অঞ্চলৰ যান-জঁট সমস্যা সমাধানৰ বাবে নতুন ব্যৱস্থা গ্ৰহণ কৰা হ'ব। স্থানীয় ৰাইজে এই পদক্ষেপক স্বাগতম জনাইছে।

বিধায়কগৰাকীয়ে কয় যে বিলাসীপাৰাক এখন আদৰ্শ নগৰ হিচাপে গঢ়ি তোলাৰ লক্ষ্য লোৱা হৈছে। আধুনিক সা-সুবিধাৰে নগৰখন সজাই তোলা হ'ব। পৰ্যটন খণ্ডৰ উন্নয়নৰ বাবেও বিশেষ গুৰুত্ব দিয়া হ'ব।

বিলাসীপাৰাত পৰিকল্পিত উন্নয়নৰ বাবে নতুন পৰিকল্পনা গ্ৰহণ কৰা হৈছে। নগৰখনৰ মূল সমস্যাসমূহ সমাধানৰ বাবে বিশেষ পদক্ষেপ লোৱা হ'ব। পৌৰসভাই এই সম্পৰ্কে এক গুৰুত্বপূৰ্ণ সভা অনুষ্ঠিত কৰে। ঐতিহাসিক স্থানসমূহ সংৰক্ষণৰ বাবে ব্যৱস্থা লোৱা হ'ব।

লক্ষ্মীনাথ বেজবৰুৱাৰ...

(পঞ্চম পৃষ্ঠাৰ পৰা) সাহিত্যৰথী লক্ষ্মীনাথ বেজবৰুৱাৰ জন্মবাৰ্ষিকী উপলক্ষে বিভিন্ন অনুষ্ঠানৰ আয়োজন কৰা হয়। অসমীয়া ভাষা আৰু সাহিত্যৰ বিকাশত বেজবৰুৱাৰ অৱদান অতুলনীয়। তেওঁ অসমীয়া জাতীয় জীৱনৰ এগৰাকী মহান পুৰুষ।

বেজবৰুৱাই অসমীয়া সাহিত্যলৈ গল্প, উপন্যাস, নাটক, কবিতা আৰু প্ৰবন্ধৰ জৰিয়তে অমূল্য বৰঙণি আগবঢ়াই গৈছে। জোনাকী যুগৰ অন্যতম প্ৰধান সাহিত্যিক হিচাপে তেওঁ পৰিচিত। 'ও মোৰ আপোনাৰ দেশ' গীতটো অসমৰ ৰাজ্যিক সংগীত।

অনুষ্ঠানত বিশিষ্ট সাহিত্যিকসকলে বেজবৰুৱাৰ জীৱন আৰু কৰ্মৰ ওপৰত আলোচনা কৰে। ছাত্ৰ-ছাত্ৰীসকলৰ মাজত ৰচনা প্ৰতিযোগিতা অনুষ্ঠিত কৰা হয়। বিজয়ীসকলক পুৰস্কৃত কৰা হয়। নতুন প্ৰজন্মক বেজবৰুৱাৰ আদৰ্শৰে অনুপ্ৰাণিত হ'বলৈ আহ্বান জনোৱা হয়।

সভাত বক্তাসকলে কয় যে বেজবৰুৱাৰ সাহিত্য আজিও প্ৰাসংগিক। সমাজৰ বিভিন্ন দিশ তেওঁৰ ৰচনাত প্ৰতিফলিত হৈছে। অসমীয়া ভাষাৰ মৰ্যাদা ৰক্ষাৰ বাবে সকলোৱে আগবাঢ়ি আহিব লাগিব।

(পঞ্চম পৃষ্ঠাৰ পৰা) সাহিত্যৰথী লক্ষ্মীনাথ বেজবৰুৱাৰ জন্মবাৰ্ষিকী উপলক্ষে বিভিন্ন অনুষ্ঠানৰ আয়োজন কৰা হয়। অসমীয়া ভাষা আৰু সাহিত্যৰ বিকাশত বেজবৰুৱাৰ অৱদান অতুলনীয়। তেওঁ অসমীয়া জাতীয় জীৱনৰ এগৰাকী মহান পুৰুষ।

বেজবৰুৱাই অসমীয়া সাহিত্যলৈ গল্প, উপন্যাস, নাটক, কবিতা আৰু প্ৰবন্ধৰ জৰিয়তে অমূল্য বৰঙণি আগবঢ়াই গৈছে। জোনাকী যুগৰ অন্যতম প্ৰধান সাহিত্যিক হিচাপে তেওঁ পৰিচিত। 'ও মোৰ আপোনাৰ দেশ' গীতটো অসমৰ ৰাজ্যিক সংগীত।

অনুষ্ঠানত বিশিষ্ট সাহিত্যিকসকলে বেজবৰুৱাৰ জীৱন আৰু কৰ্মৰ ওপৰত আলোচনা কৰে। ছাত্ৰ-ছাত্ৰীসকলৰ মাজত ৰচনা প্ৰতিযোগিতা অনুষ্ঠিত কৰা হয়। বিজয়ীসকলক পুৰস্কৃত কৰা হয়। নতুন প্ৰজন্মক বেজবৰুৱাৰ আদৰ্শৰে অনুপ্ৰাণিত হ'বলৈ আহ্বান জনোৱা হয়।

সভাত বক্তাসকলে কয় যে বেজবৰুৱাৰ সাহিত্য আজিও প্ৰাসংগিক। সমাজৰ বিভিন্ন দিশ তেওঁৰ ৰচনাত প্ৰতিফলিত হৈছে। অসমীয়া ভাষাৰ মৰ্যাদা ৰক্ষাৰ বাবে সকলোৱে আগবাঢ়ি আহিব লাগিব।

(পঞ্চম পৃষ্ঠাৰ পৰা) সাহিত্যৰথী লক্ষ্মীনাথ বেজবৰুৱাৰ জন্মবাৰ্ষিকী উপলক্ষে বিভিন্ন অনুষ্ঠানৰ আয়োজন কৰা হয়। অসমীয়া ভাষা আৰু সাহিত্যৰ বিকাশত বেজবৰুৱাৰ অৱদান অতুলনীয়। তেওঁ অসমীয়া জাতীয় জীৱনৰ এগৰাকী মহান পুৰুষ।

ইউৰোপিয়ান ইউনিয়নৰ...

অসমৰ ৫০ নিযুত বিশ্বৰ আৰু ইউৰোপিয়ান ইউনিয়নৰ মাজত বাণিজ্যিক সম্পৰ্ক উন্নয়নৰ বাবে আলোচনা অনুষ্ঠিত হয়। ইউৰোপিয়ান ইউনিয়নৰ প্ৰতিনিধি দলে অসমৰ চাহ উদ্যোগৰ প্ৰতি আগ্ৰহ প্ৰকাশ কৰে। অসমৰ চাহৰ ৰপ্তানি বৃদ্ধিৰ বাবে নতুন চুক্তি স্বাক্ষৰিত হোৱাৰ সম্ভাৱনা আছে।

দুয়োপক্ষই বিনিয়োগ আৰু প্ৰযুক্তি হস্তান্তৰৰ বিষয়েও আলোচনা কৰে। অসমৰ প্ৰাকৃতিক সম্পদ আৰু মানৱ সম্পদৰ সৎ ব্যৱহাৰৰ বাবে ইউৰোপিয়ান ইউনিয়নে সহযোগিতা আগবঢ়োৱাৰ প্ৰতিশ্ৰুতি দিয়ে।

অসমৰ ৫০ নিযুত বিশ্বৰ আৰু ইউৰোপিয়ান ইউনিয়নৰ মাজত বাণিজ্যিক সম্পৰ্ক উন্নয়নৰ বাবে আলোচনা অনুষ্ঠিত হয়। ইউৰোপিয়ান ইউনিয়নৰ প্ৰতিনিধি দলে অসমৰ চাহ উদ্যোগৰ প্ৰতি আগ্ৰহ প্ৰকাশ কৰে। অসমৰ চাহৰ ৰপ্তানি বৃদ্ধিৰ বাবে নতুন চুক্তি স্বাক্ষৰিত হোৱাৰ সম্ভাৱনা আছে।

দুয়োপক্ষই বিনিয়োগ আৰু প্ৰযুক্তি হস্তান্তৰৰ বিষয়েও আলোচনা কৰে। অসমৰ প্ৰাকৃতিক সম্পদ আৰু মানৱ সম্পদৰ সৎ ব্যৱহাৰৰ বাবে ইউৰোপিয়ান ইউনিয়নে সহযোগিতা আগবঢ়োৱাৰ প্ৰতিশ্ৰুতি দিয়ে।

বহিঃৰাজ্যত নিখোজ...

জোনাকসাধা যোৱা ১৫ ফেব্ৰুৱাৰী তাৰিখৰ পৰা বহিঃৰাজ্যত এজন যুৱক নিখোজ হৈ আছে। পৰিয়ালৰ সদস্যসকলে আৰক্ষীৰ ওচৰত অভিযোগ দাখিল কৰিছে। যুৱকজন কৰ্মসংস্থানৰ সন্ধানত বহিঃৰাজ্যলৈ গৈছিল। কোনোবাই সন্ধান পালে ৯৮২৩৯১৩৫৫৮ নম্বৰত যোগাযোগ কৰিবলৈ অনুৰোধ জনোৱা হৈছে।

জোনাকসাধা যোৱা ১৫ ফেব্ৰুৱাৰী তাৰিখৰ পৰা বহিঃৰাজ্যত এজন যুৱক নিখোজ হৈ আছে। পৰিয়ালৰ সদস্যসকলে আৰক্ষীৰ ওচৰত অভিযোগ দাখিল কৰিছে। যুৱকজন কৰ্মসংস্থানৰ সন্ধানত বহিঃৰাজ্যলৈ গৈছিল। কোনোবাই সন্ধান পালে ৯৮২৩৯১৩৫৫৮ নম্বৰত যোগাযোগ কৰিবলৈ অনুৰোধ জনোৱা হৈছে।
